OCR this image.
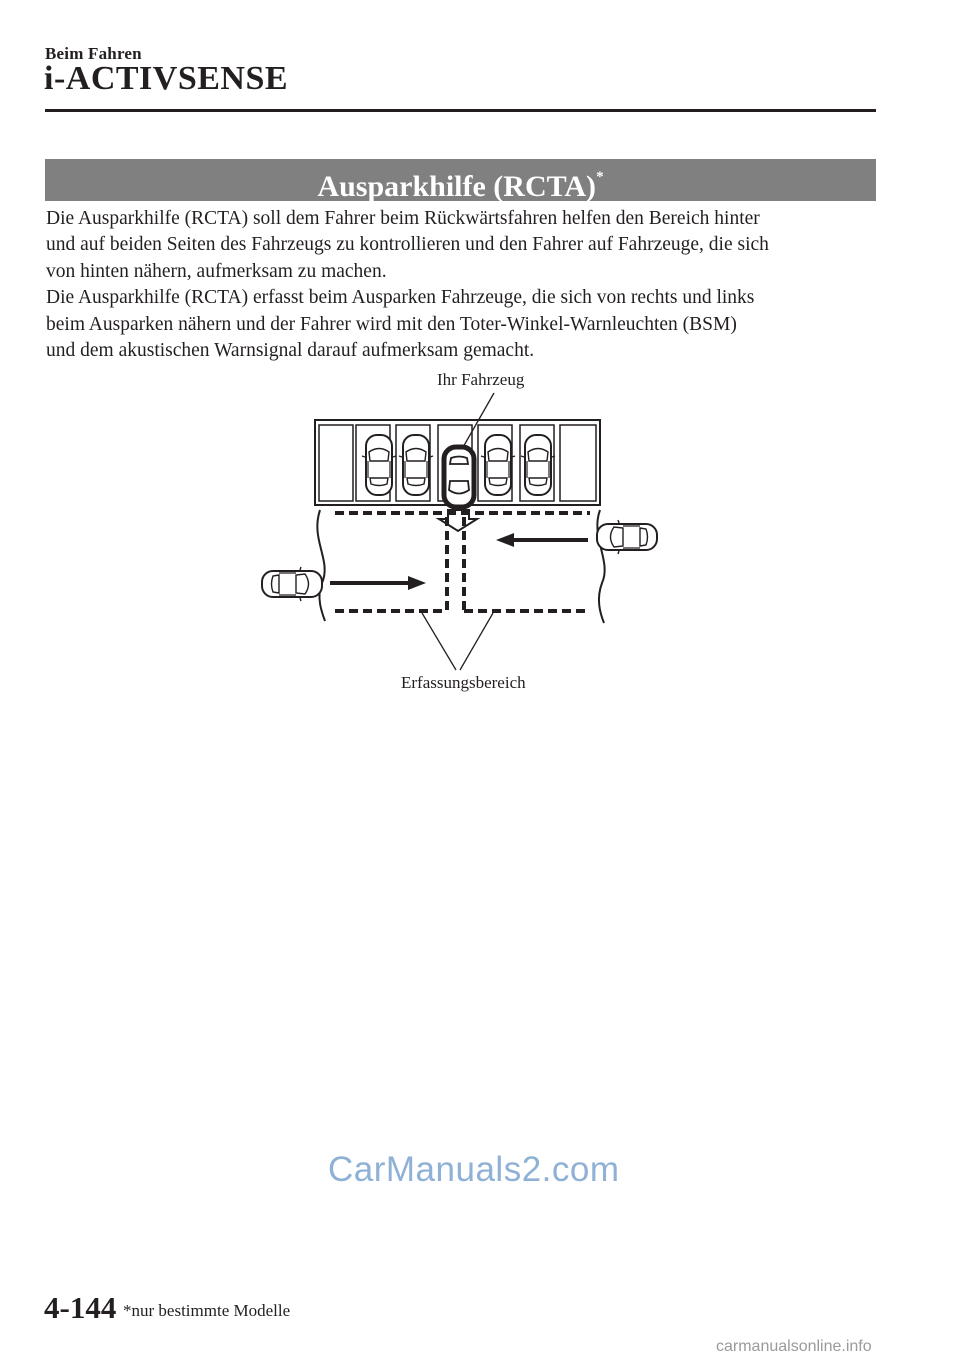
Beim Fahren
i-ACTIVSENSE
Ausparkhilfe (RCTA)*

Die Ausparkhilfe (RCTA) soll dem Fahrer beim Rückwärtsfahren helfen den Bereich hinter

und auf beiden Seiten des Fahrzeugs zu kontrollieren und den Fahrer auf Fahrzeuge, die sich

von hinten nähern, aufmerksam zu machen.

Die Ausparkhilfe (RCTA) erfasst beim Ausparken Fahrzeuge, die sich von rechts und links

beim Ausparken nähern und der Fahrer wird mit den Toter-Winkel-Warnleuchten (BSM)

und dem akustischen Warnsignal darauf aufmerksam gemacht.

Ihr Fahrzeug
Erfassungsbereich
CarManuals2.com
4-144 *nur bestimmte Modelle
carmanualsonline.info
